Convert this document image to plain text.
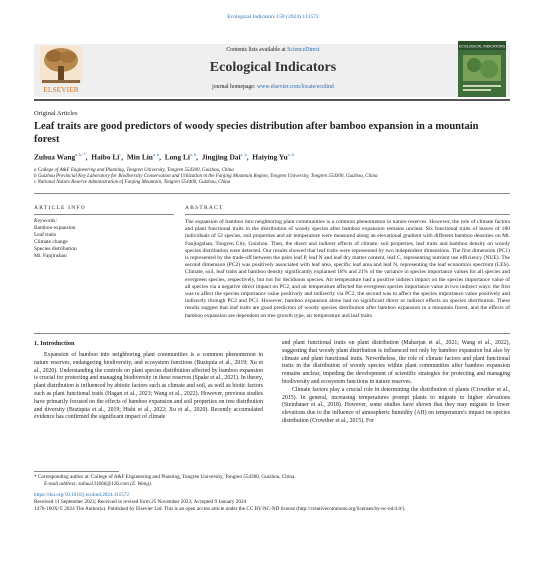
Ecological Indicators 158 (2024) 111572
ELSEVIER
Contents lists available at ScienceDirect
Ecological Indicators
journal homepage: www.elsevier.com/locate/ecolind
ECOLOGICAL INDICATORS
Original Articles
Leaf traits are good predictors of woody species distribution after bamboo expansion in a mountain forest
Zuhua Wang$^{a, b, *}$,  Haibo Li$^c$,  Min Liu$^{a, b}$,  Long Li$^{a, b}$,  Jingjing Dai$^{a, b}$,  Haiying Yu$^{a, b}$
a College of A&F Engineering and Planning, Tongren University, Tongren 554300, Guizhou, China
b Guizhou Provincial Key Laboratory for Biodiversity Conservation and Utilization in the Fanjing Mountain Region, Tongren University, Tongren 554300, Guizhou, China
c National Nature Reserve Administration of Fanjing Mountain, Tongren 554400, Guizhou, China
ARTICLE INFO	ABSTRACT
Keywords:
Bamboo expansion
Leaf traits
Climate change
Species distribution
Mt. Fanjinshan
The expansion of bamboo into neighboring plant communities is a common phenomenon in nature reserves. However, the role of climate factors and plant functional traits in the distribution of woody species after bamboo expansion remains unclear. Six functional traits of leaves of 180 individuals of 52 species, soil properties and air temperature were measured along an elevational gradient with different bamboo densities on Mt. Fanjingshan, Tongren City, Guizhou. Then, the direct and indirect effects of climate, soil properties, leaf traits and bamboo density on woody species distribution were detected. Our results showed that leaf traits were represented by two independent dimensions. The first dimension (PC1) is represented by the trade-off between the pairs leaf P, leaf N and leaf dry matter content, leaf C, representing nutrient use efficiency (NUE). The second dimension (PC2) was positively associated with leaf area, specific leaf area and leaf N, representing the leaf economics spectrum (LES). Climate, soil, leaf traits and bamboo density significantly explained 18% and 21% of the variance in species importance values for all species and evergreen species, respectively, but not for deciduous species. Air temperature had a positive indirect impact on the species importance value of all species via a negative direct impact on PC2, and air temperature affected the evergreen species importance value in two indirect ways: the first was to affect the species importance value positively and indirectly via PC2, the second was to affect the species importance value positively and indirectly through PC2 and PC1. However, bamboo expansion alone had no significant direct or indirect effects on species distribution. These results suggest that leaf traits are good predictors of woody species distribution after bamboo expansion in a mountain forest, and the effects of bamboo expansion are dependent on tree growth type, air temperature and leaf traits.
1. Introduction
Expansion of bamboo into neighboring plant communities is a common phenomenon in nature reserves, endangering biodiversity, and ecosystem functions (Buziquia et al., 2019; Xu et al., 2020). Understanding the controls on plant species distribution affected by bamboo expansion is crucial for protecting and managing biodiversity in these reserves (Spake et al., 2021). In theory, plant distribution is influenced by abiotic factors such as climate and soil, as well as biotic factors such as plant functional traits (Hagan et al., 2023; Wang et al., 2022). However, previous studies have primarily focused on the effects of bamboo expansion and soil properties on tree distribution and diversity (Buziquia et al., 2019; Hishi et al., 2022; Xu et al., 2020). Recently accumulated evidence has confirmed the significant impact of climate
and plant functional traits on plant distribution (Maharjan et al., 2021; Wang et al., 2022), suggesting that woody plant distribution is influenced not only by bamboo expansion but also by climate and plant functional traits. Nevertheless, the role of climate factors and plant functional traits in the distribution of woody species within plant communities after bamboo expansion remains unclear, impeding the development of scientific strategies for protecting and managing biodiversity and ecosystem functions in nature reserves.
Climate factors play a crucial role in determining the distribution of plants (Crowther et al., 2015). In general, increasing temperatures prompt plants to migrate to higher elevations (Steinbauer et al., 2018). However, some studies have shown that they may migrate to lower elevations due to the influence of atmospheric humidity (AH) on temperature's impact on species distribution (Crowther et al., 2015). For
* Corresponding author at: College of A&F Engineering and Planning, Tongren University, Tongren 554300, Guizhou, China.
E-mail address: zuhua131666@126.com (Z. Wang).
https://doi.org/10.1016/j.ecolind.2024.111572
Received 11 September 2023; Received in revised form 25 November 2023; Accepted 9 January 2024
1470-160X/© 2024 The Author(s). Published by Elsevier Ltd. This is an open access article under the CC BY-NC-ND license (http://creativecommons.org/licenses/by-nc-nd/4.0/).
